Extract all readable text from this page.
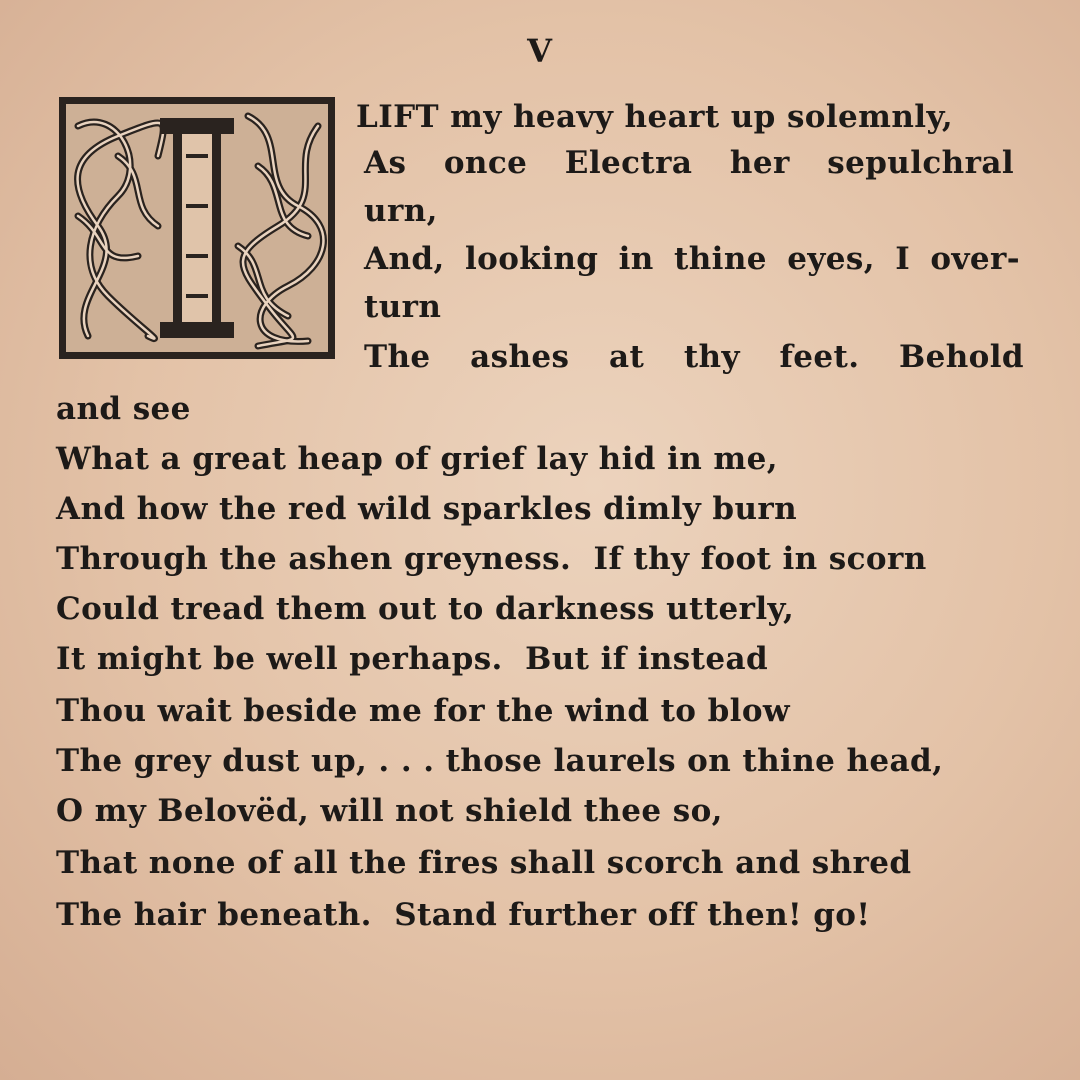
V
LIFT my heavy heart up solemnly,
As once Electra her sepulchral
urn,
And, looking in thine eyes, I over-
turn
The ashes at thy feet. Behold
and see
What a great heap of grief lay hid in me,
And how the red wild sparkles dimly burn
Through the ashen greyness.  If thy foot in scorn
Could tread them out to darkness utterly,
It might be well perhaps.  But if instead
Thou wait beside me for the wind to blow
The grey dust up, . . . those laurels on thine head,
O my Belovëd, will not shield thee so,
That none of all the fires shall scorch and shred
The hair beneath.  Stand further off then! go!
